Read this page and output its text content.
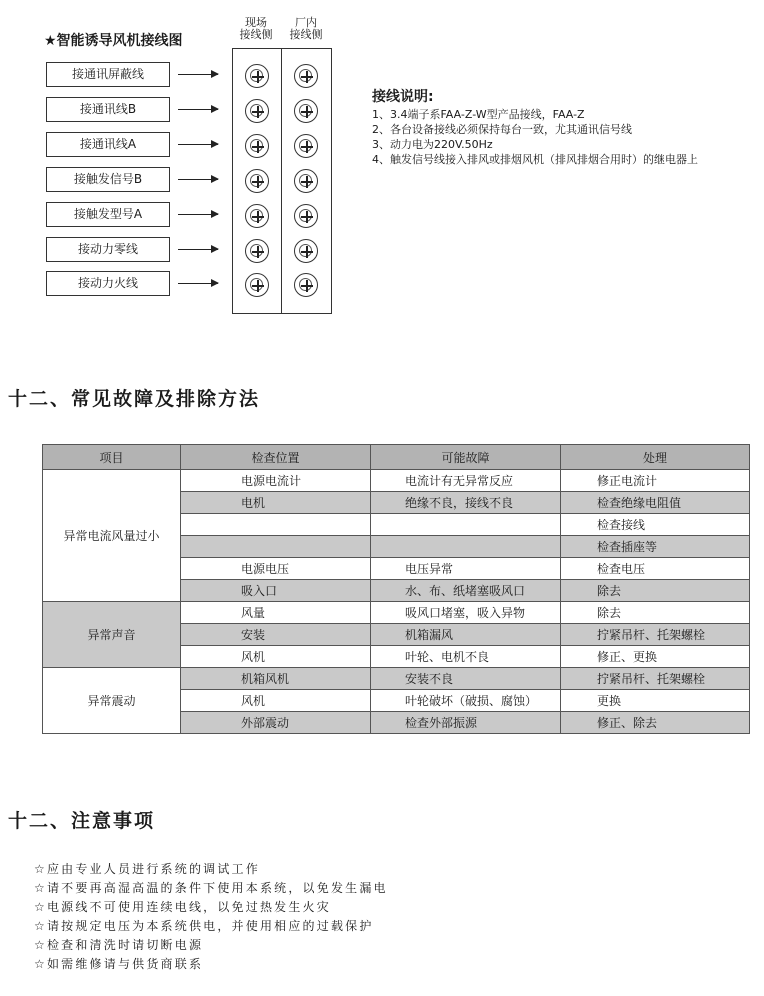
★智能诱导风机接线图
现场
接线侧
厂内
接线侧
接通讯屏蔽线
接通讯线B
接通讯线A
接触发信号B
接触发型号A
接动力零线
接动力火线
接线说明:
1、3.4端子系FAA-Z-W型产品接线，FAA-Z
2、各台设备接线必须保持每台一致，尤其通讯信号线
3、动力电为220V.50Hz
4、触发信号线接入排风或排烟风机（排风排烟合用时）的继电器上
十二、常见故障及排除方法
项目	检查位置	可能故障	处理
异常电流风量过小	电源电流计	电流计有无异常反应	修正电流计
	电机	绝缘不良，接线不良	检查绝缘电阻值
			检查接线
			检查插座等
	电源电压	电压异常	检查电压
	吸入口	水、布、纸堵塞吸风口	除去
异常声音	风量	吸风口堵塞，吸入异物	除去
	安装	机箱漏风	拧紧吊杆、托架螺栓
	风机	叶轮、电机不良	修正、更换
异常震动	机箱风机	安装不良	拧紧吊杆、托架螺栓
	风机	叶轮破坏（破损、腐蚀）	更换
	外部震动	检查外部振源	修正、除去
十二、注意事项
☆应由专业人员进行系统的调试工作
☆请不要再高湿高温的条件下使用本系统，以免发生漏电
☆电源线不可使用连续电线，以免过热发生火灾
☆请按规定电压为本系统供电，并使用相应的过载保护
☆检查和清洗时请切断电源
☆如需维修请与供货商联系
